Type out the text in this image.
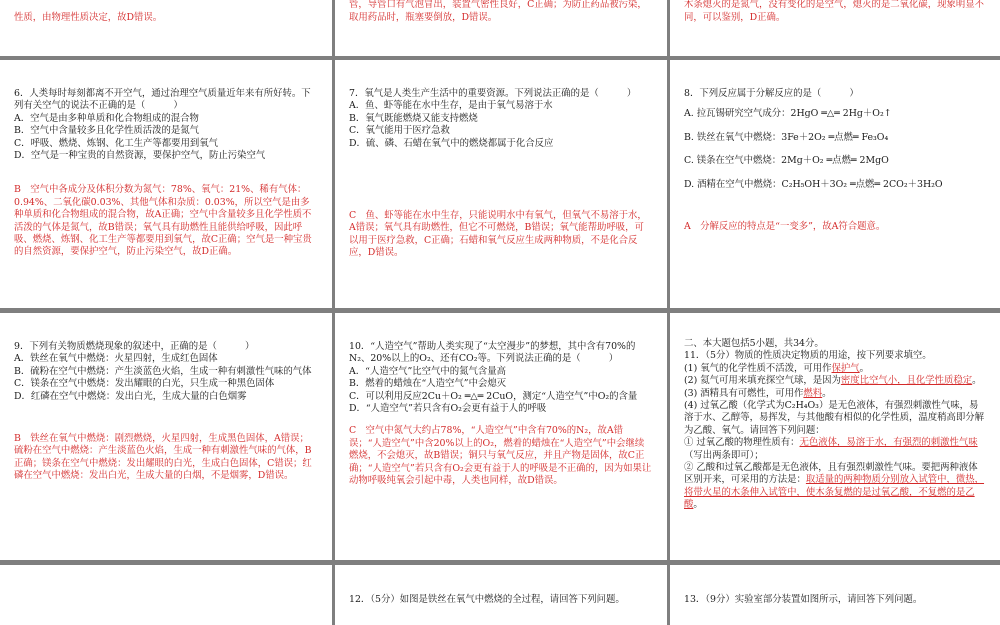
性质，由物理性质决定，故D错误。
管，导管口有气泡冒出，装置气密性良好，C正确；为防止药品被污染，取用药品时，瓶塞要倒放，D错误。
木条熄灭的是氮气，没有变化的是空气，熄灭的是二氧化碳，现象明显不同，可以鉴别，D正确。
6．人类每时每刻都离不开空气，通过治理空气质量近年来有所好转。下列有关空气的说法不正确的是（　　　）
A．空气是由多种单质和化合物组成的混合物
B．空气中含量较多且化学性质活泼的是氮气
C．呼吸、燃烧、炼钢、化工生产等都要用到氧气
D．空气是一种宝贵的自然资源，要保护空气，防止污染空气
B　空气中各成分及体积分数为氮气：78%、氧气：21%、稀有气体：0.94%、二氧化碳0.03%、其他气体和杂质：0.03%，所以空气是由多种单质和化合物组成的混合物，故A正确；空气中含量较多且化学性质不活泼的气体是氮气，故B错误；氧气具有助燃性且能供给呼吸，因此呼吸、燃烧、炼钢、化工生产等都要用到氧气，故C正确；空气是一种宝贵的自然资源，要保护空气，防止污染空气，故D正确。
7．氧气是人类生产生活中的重要资源。下列说法正确的是（　　　）
A．鱼、虾等能在水中生存，是由于氧气易溶于水
B．氧气既能燃烧又能支持燃烧
C．氧气能用于医疗急救
D．硫、磷、石蜡在氧气中的燃烧都属于化合反应
C　鱼、虾等能在水中生存，只能说明水中有氧气，但氧气不易溶于水，A错误；氧气具有助燃性，但它不可燃烧，B错误；氧气能帮助呼吸，可以用于医疗急救，C正确；石蜡和氧气反应生成两种物质，不是化合反应，D错误。
8．下列反应属于分解反应的是（　　　）
A. 拉瓦锡研究空气成分：2HgO ═△═ 2Hg＋O₂↑
B. 铁丝在氧气中燃烧：3Fe＋2O₂ ═点燃═ Fe₃O₄
C. 镁条在空气中燃烧：2Mg＋O₂ ═点燃═ 2MgO
D. 酒精在空气中燃烧：C₂H₅OH＋3O₂ ═点燃═ 2CO₂＋3H₂O
A　分解反应的特点是“一变多”，故A符合题意。
9．下列有关物质燃烧现象的叙述中，正确的是（　　　）
A．铁丝在氧气中燃烧：火星四射，生成红色固体
B．硫粉在空气中燃烧：产生淡蓝色火焰，生成一种有刺激性气味的气体
C．镁条在空气中燃烧：发出耀眼的白光，只生成一种黑色固体
D．红磷在空气中燃烧：发出白光，生成大量的白色烟雾
B　铁丝在氧气中燃烧：剧烈燃烧，火星四射，生成黑色固体，A错误；硫粉在空气中燃烧：产生淡蓝色火焰，生成一种有刺激性气味的气体，B正确；镁条在空气中燃烧：发出耀眼的白光，生成白色固体，C错误；红磷在空气中燃烧：发出白光，生成大量的白烟，不是烟雾，D错误。
10．“人造空气”帮助人类实现了“太空漫步”的梦想，其中含有70%的N₂、20%以上的O₂、还有CO₂等。下列说法正确的是（　　　）
A．“人造空气”比空气中的氮气含量高
B．燃着的蜡烛在“人造空气”中会熄灭
C．可以利用反应2Cu＋O₂ ═△═ 2CuO，测定“人造空气”中O₂的含量
D．“人造空气”若只含有O₂会更有益于人的呼吸
C　空气中氮气大约占78%，“人造空气”中含有70%的N₂，故A错误；“人造空气”中含20%以上的O₂，燃着的蜡烛在“人造空气”中会继续燃烧，不会熄灭，故B错误；铜只与氧气反应，并且产物是固体，故C正确；“人造空气”若只含有O₂会更有益于人的呼吸是不正确的，因为如果让动物呼吸纯氧会引起中毒，人类也同样，故D错误。
二、本大题包括5小题，共34分。
11．（5分）物质的性质决定物质的用途，按下列要求填空。
(1) 氧气的化学性质不活泼，可用作保护气。
(2) 氦气可用来填充探空气球，是因为密度比空气小，且化学性质稳定。
(3) 酒精具有可燃性，可用作燃料。
(4) 过氧乙酸（化学式为C₂H₄O₃）是无色液体，有强烈刺激性气味，易溶于水、乙醇等，易挥发，与其他酸有相似的化学性质，温度稍高即分解为乙酸、氧气。请回答下列问题：
① 过氧乙酸的物理性质有：无色液体，易溶于水，有强烈的刺激性气味（写出两条即可）；
② 乙酸和过氧乙酸都是无色液体，且有强烈刺激性气味。要把两种液体区别开来，可采用的方法是：取适量的两种物质分别放入试管中，微热，将带火星的木条伸入试管中，使木条复燃的是过氧乙酸，不复燃的是乙酸。
12．（5分）如图是铁丝在氧气中燃烧的全过程，请回答下列问题。	13．（9分）实验室部分装置如图所示，请回答下列问题。
